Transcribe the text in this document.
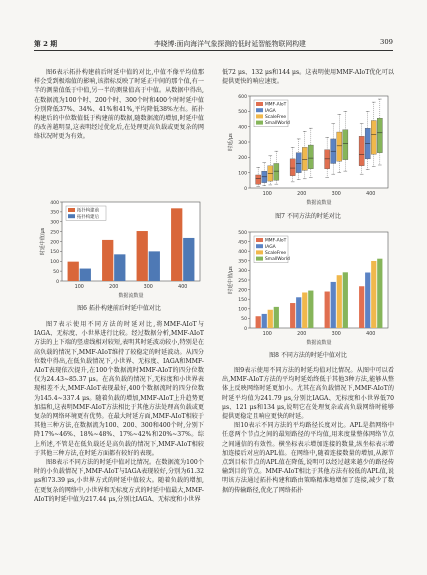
第 2 期	李晓博:面向海洋气象探测的低时延智能物联网构建	309

图6表示拓扑构建前后时延中值的对比,中值不像平均值那样会受到极端值的影响,该指标反映了时延正中间的那个值,有一半的测量值低于中值,另一半的测量值高于中值。从数据中得出,在数据流为100个时、200个时、300个时和400个时时延中值分别降低37%、34%、41%和41%,平均降低38%左右。拓扑构建后的中位数值低于构建前的数据,随数据流的增加,时延中值的改善越明显,这表明经过优化后,在处理更高负载或更复杂的网络状况时更为有效。

0
50
100
150
200
250
300
350
400
时延中值/μs
100	200	300	400
数据流数量
拓扑构建前
拓扑构建后
图6 拓扑构建前后时延中值对比

图7表示使用不同方法的时延对比,将MMF-AIoT与IAGA、无标度、小世界进行比较。经过数据分析,MMF-AIoT方法的上下端的竖虚线相对较短,表明其时延波动较小,特别是在高负载的情况下,MMF-AIoT维持了较稳定的时延波动。从四分位数中得出,在低负载情况下,小世界、无标度、IAGA和MMF-AIoT表现依次提升,在100个数据流时MMF-AIoT的四分位数仅为24.43~85.37 μs。在高负载的情况下,无标度和小世界表现相差不大,MMF-AIoT表现最好,400个数据流时的四分位数为145.4~337.4 μs。随着负载的增加,MMF-AIoT上升趋势更加温和,这表明MMF-AIoT方法相比于其他方法处理高负载或更复杂的网络环境更有优势。在最大时延方面,MMF-AIoT相较于其他三种方法,在数据流为100、200、300和400个时,分别下降17%~46%、18%~48%、17%~42%和20%~37%。综上所述,不管是在低负载还是高负载的情况下,MMF-AIoT相较于其他三种方法,在时延方面都有较好的表现。

图8表示不同方法的时延中值对比情况。在数据流为100个时的小负载情况下,MMF-AIoT与IAGA表现较好,分别为61.32 μs和73.39 μs,小世界方式的时延中值较大。随着负载的增加,在更复杂的网络中,小世界和无标度方式的时延中值最大,MMF-AIoT的时延中值为217.44 μs,分别比IAGA、无标度和小世界

低72 μs、132 μs和144 μs。这表明使用MMF-AIoT优化可以提供更快的响应速度。

0
100
200
300
400
500
600
时延/μs
100	200	300	400
数据流数量
MMF-AIoT
IAGA
ScaleFree
SmallWorld
图7 不同方法的时延对比
0
50
100
150
200
250
300
350
400
450
500
时延中值/μs
100	200	300	400
数据流数量
MMF-AIoT
IAGA
ScaleFree
SmallWorld
图8 不同方法的时延中值对比

图9表示使用不同方法的时延均值对比情况。从图中可以看出,MMF-AIoT方法的平均时延始终低于其他3种方法,能够从整体上反映网络时延更加小。尤其在高负载情况下,MMF-AIoT的时延平均值为241.79 μs,分别比IAGA、无标度和小世界低70 μs、121 μs和134 μs,说明它在处理复杂或高负载网络时能够提供更稳定且响应更快的时延。

图10表示不同方法的平均路径长度对比。APL是指网络中任意两个节点之间的最短路径的平均值,用来度量整体网络节点之间通信的有效性。横坐标表示增加连接的数量,纵坐标表示增加连接后对应的APL值。在网络中,随着连接数量的增加,从源节点到目标节点的APL值在降低,说明可以经过越来越少的路径传输到目的节点。MMF-AIoT相比于其他方法有较低的APL值,说明该方法通过拓扑构建和路由策略精准地增加了连接,减少了数据的传输路径,优化了网络拓扑
